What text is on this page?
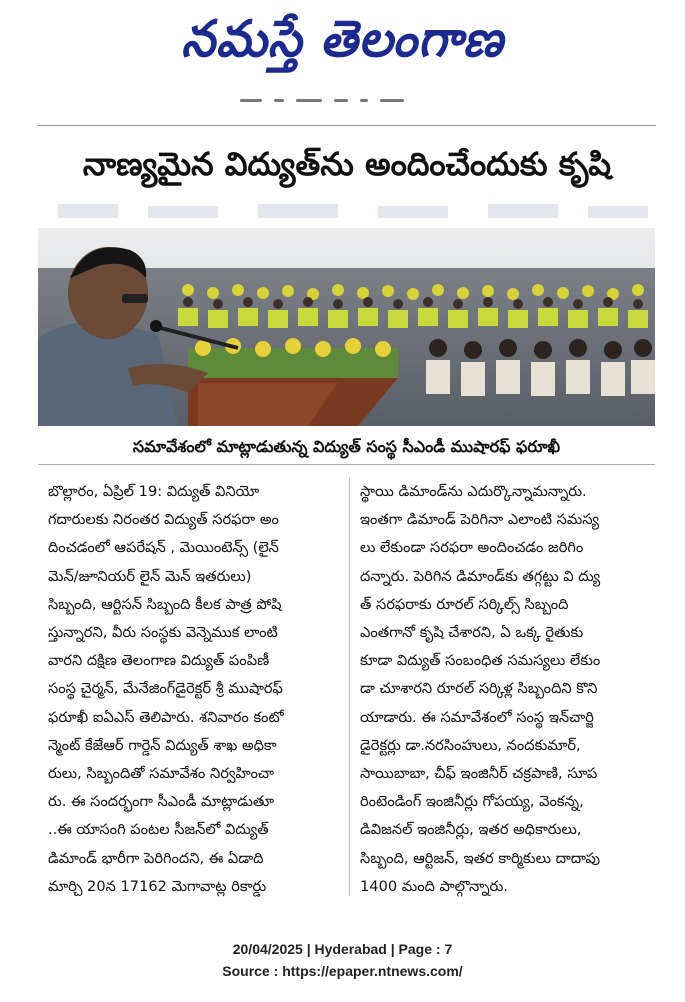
నమస్తే తెలంగాణ
నాణ్యమైన విద్యుత్‌ను అందించేందుకు కృషి
సమావేశంలో మాట్లాడుతున్న విద్యుత్ సంస్థ సీఎండీ ముషారఫ్ ఫరూఖీ
బొల్లారం, ఏప్రిల్ 19: విద్యుత్ వినియో
గదారులకు నిరంతర విద్యుత్ సరఫరా అం
దించడంలో ఆపరేషన్ , మెయింటెన్స్ (లైన్
మెన్/జూనియర్ లైన్ మెన్ ఇతరులు)
సిబ్బంది, ఆర్టిసన్ సిబ్బంది కీలక పాత్ర పోషి
స్తున్నారని, వీరు సంస్థకు వెన్నెముక లాంటి
వారని దక్షిణ తెలంగాణ విద్యుత్ పంపిణీ
సంస్థ చైర్మన్, మేనేజింగ్‌డైరెక్టర్ శ్రీ ముషారఫ్
ఫరూఖీ ఐఏఎస్ తెలిపారు. శనివారం కంటో
న్మెంట్ కేజేఆర్ గార్డెన్ విద్యుత్ శాఖ అధికా
రులు, సిబ్బందితో సమావేశం నిర్వహించా
రు. ఈ సందర్భంగా సీఎండీ మాట్లాడుతూ
..ఈ యాసంగి పంటల సీజన్‌లో విద్యుత్
డిమాండ్ భారీగా పెరిగిందని, ఈ ఏడాది
మార్చి 20న 17162 మెగావాట్ల రికార్డు
స్థాయి డిమాండ్‌ను ఎదుర్కొన్నామన్నారు.
ఇంతగా డిమాండ్ పెరిగినా ఎలాంటి సమస్య
లు లేకుండా సరఫరా అందించడం జరిగిం
దన్నారు. పెరిగిన డిమాండ్‌కు తగ్గట్టు వి ద్యు
త్ సరఫరాకు రూరల్ సర్కిల్స్ సిబ్బంది
ఎంతగానో కృషి చేశారని, ఏ ఒక్క రైతుకు
కూడా విద్యుత్ సంబంధిత సమస్యలు లేకుం
డా చూశారని రూరల్ సర్కిళ్ల సిబ్బందిని కొని
యాడారు. ఈ సమావేశంలో సంస్థ ఇన్‌చార్జి
డైరెక్టర్లు డా.నరసింహులు, నందకుమార్,
సాయిబాబా, చీఫ్ ఇంజినీర్ చక్రపాణి, సూప
రింటెండింగ్ ఇంజినీర్లు గోపయ్య, వెంకన్న,
డివిజనల్ ఇంజినీర్లు, ఇతర అధికారులు,
సిబ్బంది, ఆర్టిజన్, ఇతర కార్మికులు దాదాపు
1400 మంది పాల్గొన్నారు.
20/04/2025 | Hyderabad | Page : 7
Source : https://epaper.ntnews.com/
